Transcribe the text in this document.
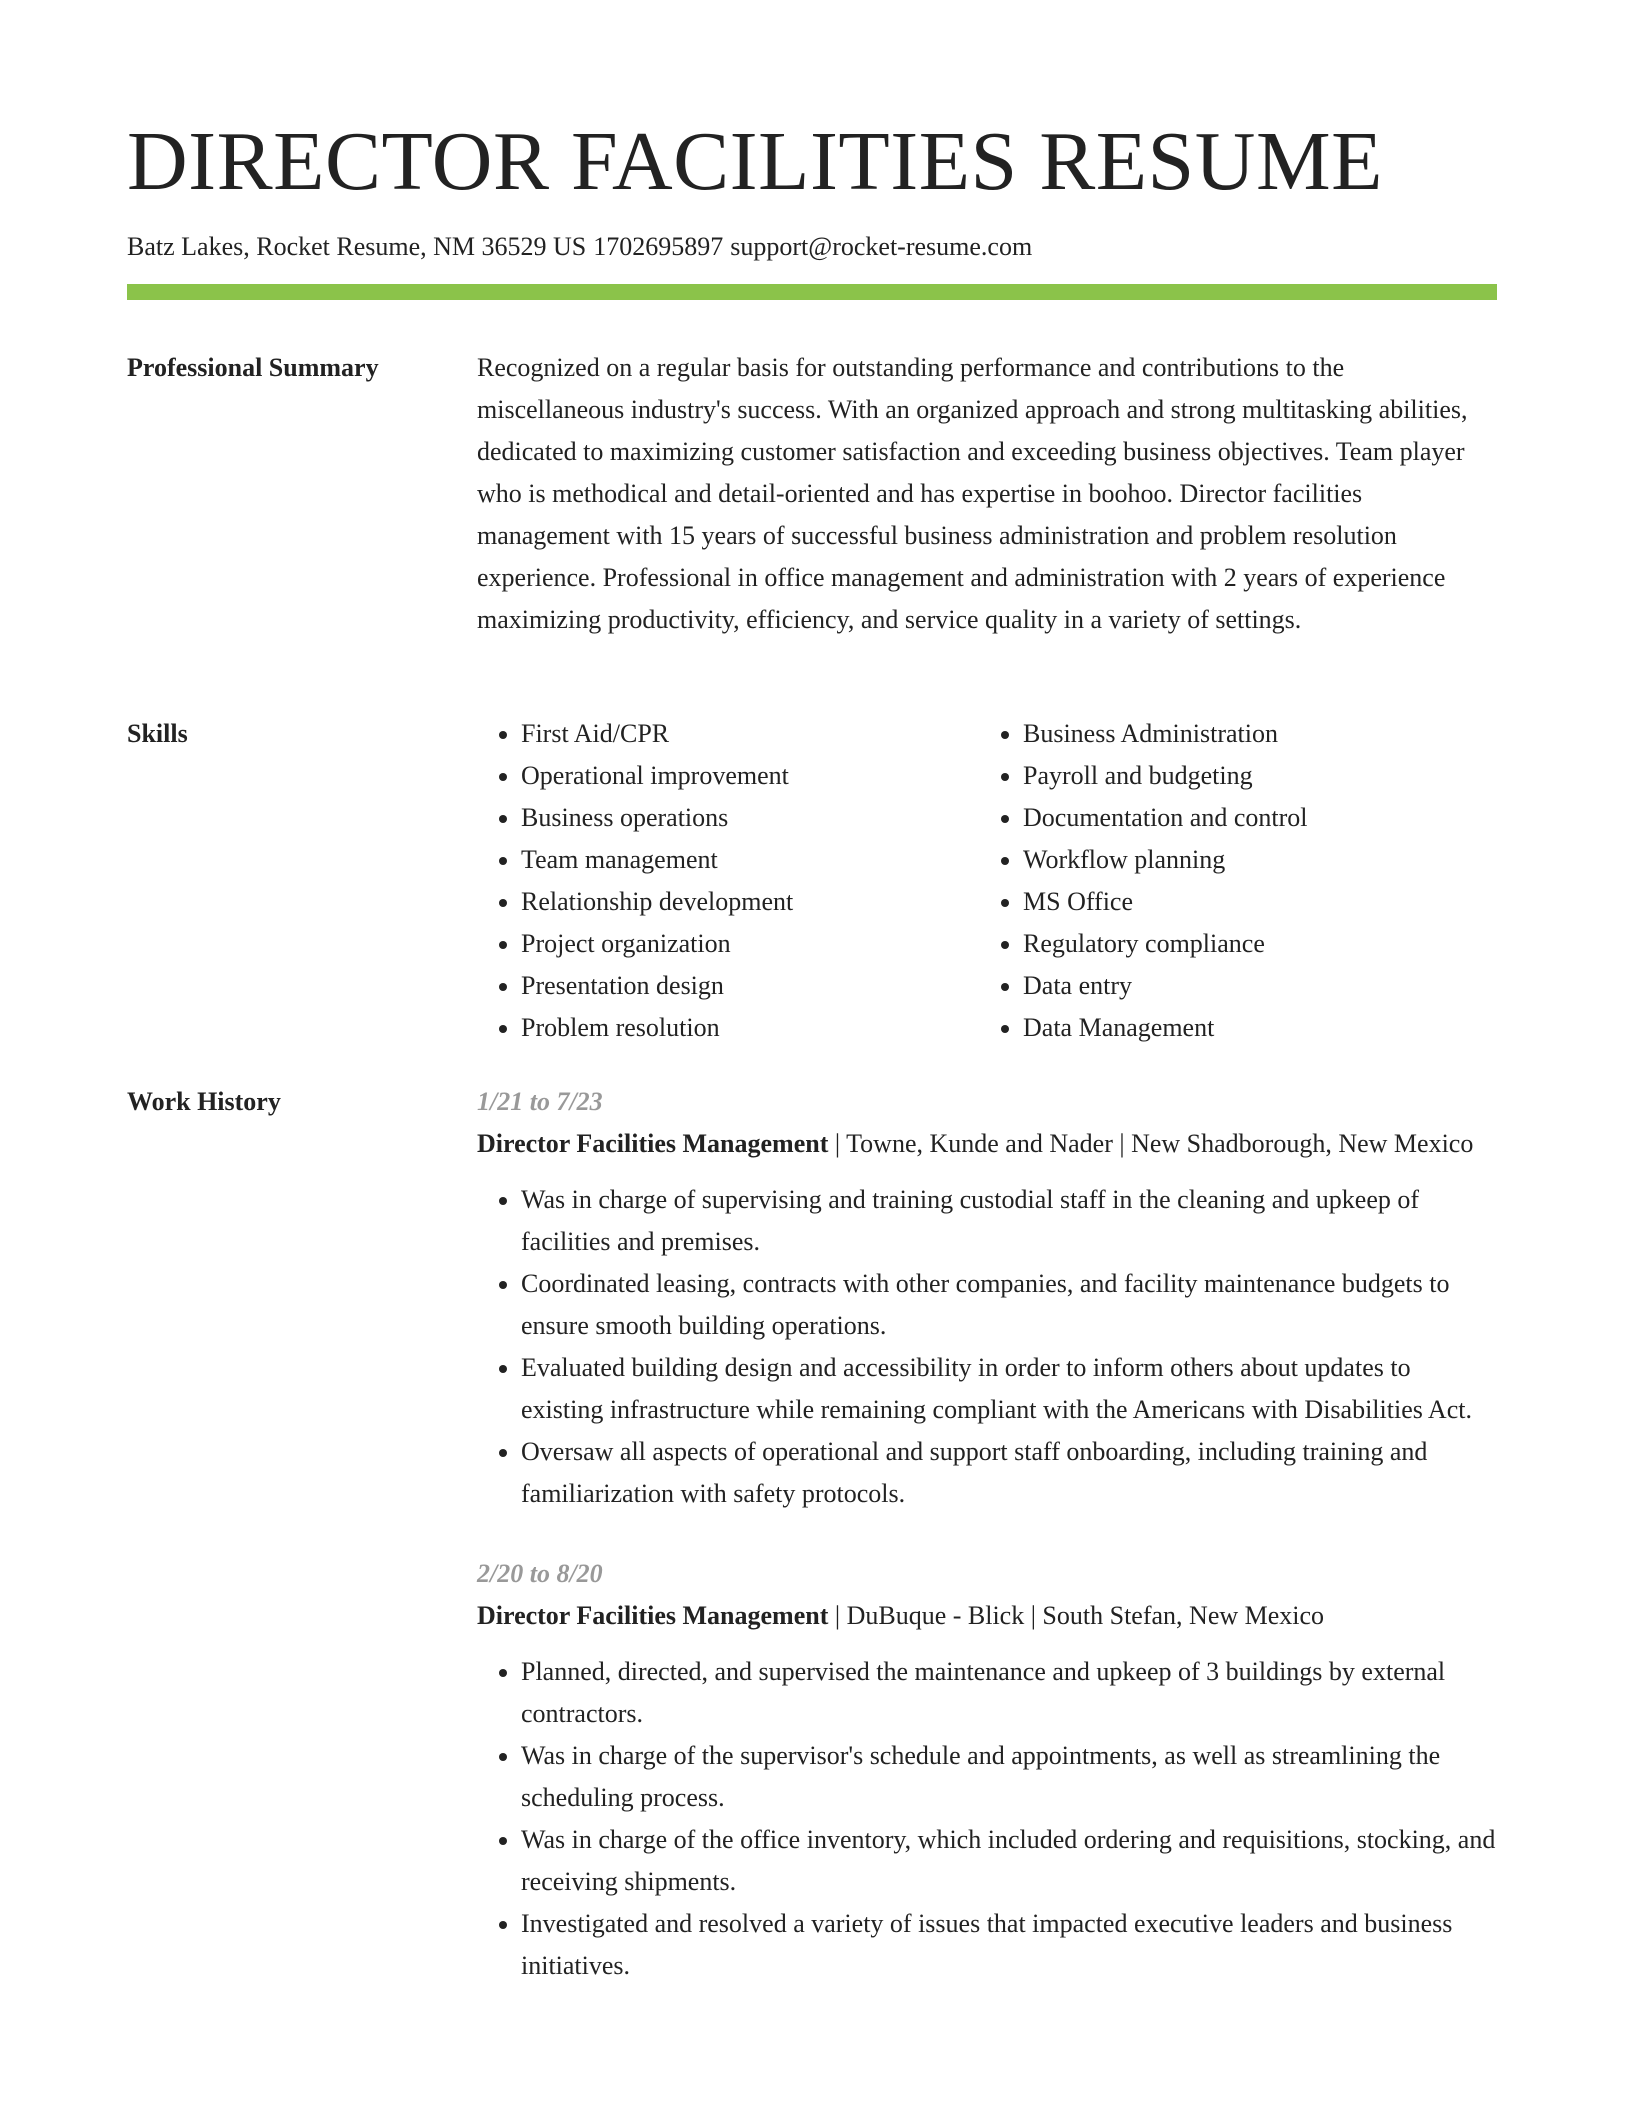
DIRECTOR FACILITIES RESUME
Batz Lakes, Rocket Resume, NM 36529 US 1702695897 support@rocket-resume.com
Professional Summary	Recognized on a regular basis for outstanding performance and contributions to the miscellaneous industry's success. With an organized approach and strong multitasking abilities, dedicated to maximizing customer satisfaction and exceeding business objectives. Team player who is methodical and detail-oriented and has expertise in boohoo. Director facilities management with 15 years of successful business administration and problem resolution experience. Professional in office management and administration with 2 years of experience maximizing productivity, efficiency, and service quality in a variety of settings.

Skills
•	First Aid/CPR
• Operational improvement
• Business operations
• Team management
• Relationship development
• Project organization
• Presentation design
• Problem resolution
• Business Administration
• Payroll and budgeting
• Documentation and control
• Workflow planning
• MS Office
• Regulatory compliance
• Data entry
• Data Management
Work History	1/21 to 7/23
Director Facilities Management | Towne, Kunde and Nader | New Shadborough, New Mexico
• Was in charge of supervising and training custodial staff in the cleaning and upkeep of facilities and premises.
• Coordinated leasing, contracts with other companies, and facility maintenance budgets to ensure smooth building operations.
• Evaluated building design and accessibility in order to inform others about updates to existing infrastructure while remaining compliant with the Americans with Disabilities Act.
• Oversaw all aspects of operational and support staff onboarding, including training and familiarization with safety protocols.
2/20 to 8/20
Director Facilities Management | DuBuque - Blick | South Stefan, New Mexico
• Planned, directed, and supervised the maintenance and upkeep of 3 buildings by external contractors.
• Was in charge of the supervisor's schedule and appointments, as well as streamlining the scheduling process.
• Was in charge of the office inventory, which included ordering and requisitions, stocking, and receiving shipments.
• Investigated and resolved a variety of issues that impacted executive leaders and business initiatives.
